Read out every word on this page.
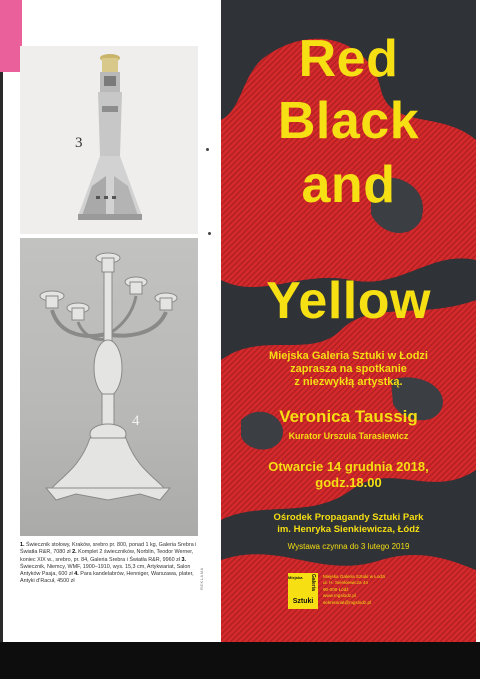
3
4
1. Świecznik stołowy, Kraków, srebro pr. 800, ponad 1 kg, Galeria Srebra i Światła R&R, 7080 zł 2. Komplet 2 świeczników, Norblin, Teodor Werner, koniec XIX w., srebro, pr. 84, Galeria Srebra i Światła R&R, 9960 zł 3. Świecznik, Niemcy, WMF, 1900–1910, wys. 15,3 cm, Artykwariat, Salon Antyków Pasja, 600 zł 4. Para kandelabrów, Henniger, Warszawa, plater, Antyki d’Racuł, 4500 zł	REKLAMA
Red
Black
and
Yellow
Miejska Galeria Sztuki w Łodzi
zaprasza na spotkanie
z niezwykłą artystką.
Veronica Taussig
Kurator Urszula Tarasiewicz
Otwarcie 14 grudnia 2018,
godz.18.00
Ośrodek Propagandy Sztuki Park
im. Henryka Sienkiewicza, Łódź
Wystawa czynna do 3 lutego 2019
Miejska	Galeria
Sztuki
Miejska Galeria Sztuki w Łodzi
ul. H. Sienkiewicza 44
90-009 Łódź
www.mgslodz.pl
sekretariat@mgslodz.pl
